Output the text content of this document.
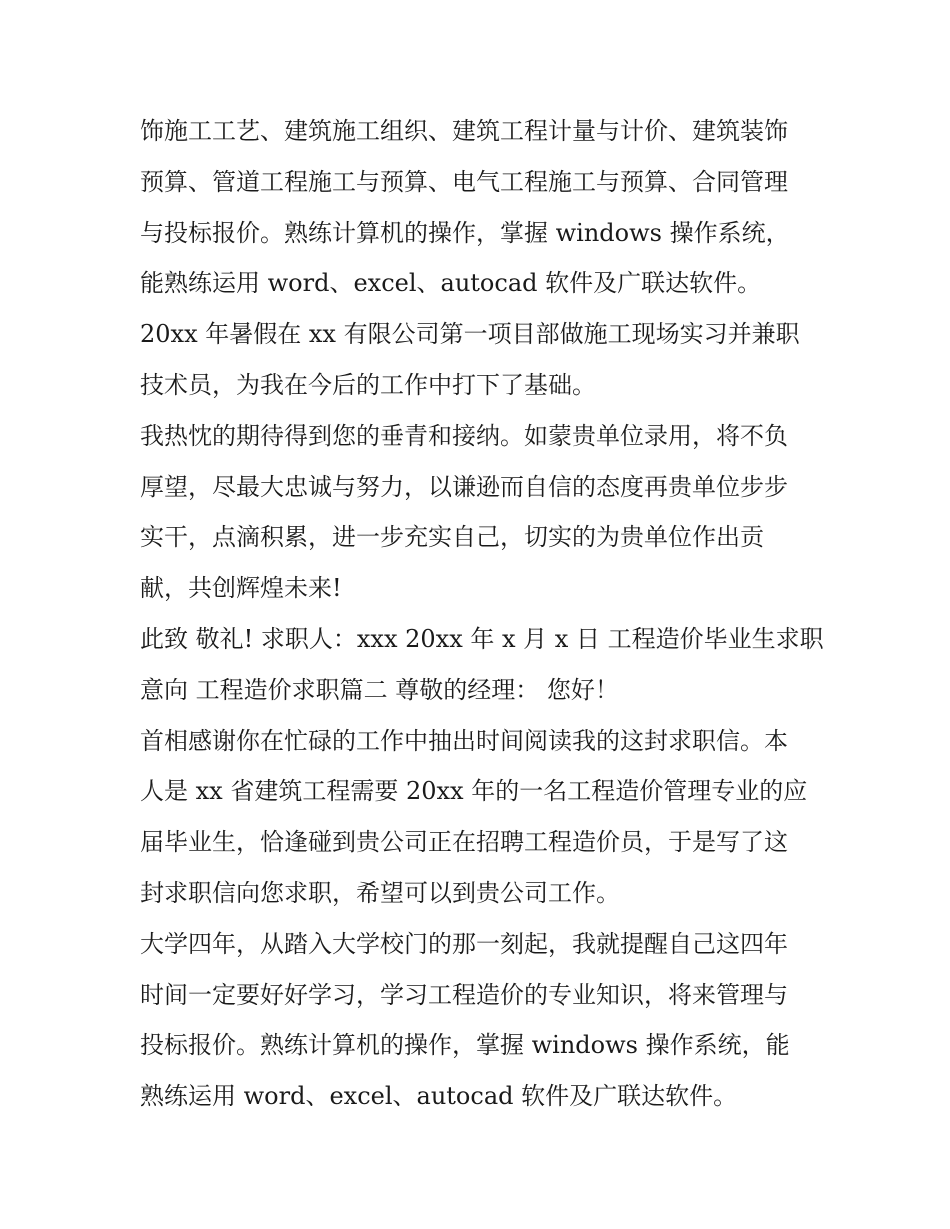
饰施工工艺、建筑施工组织、建筑工程计量与计价、建筑装饰
预算、管道工程施工与预算、电气工程施工与预算、合同管理
与投标报价。熟练计算机的操作，掌握 windows 操作系统，
能熟练运用 word、excel、autocad 软件及广联达软件。
20xx 年暑假在 xx 有限公司第一项目部做施工现场实习并兼职
技术员，为我在今后的工作中打下了基础。
我热忱的期待得到您的垂青和接纳。如蒙贵单位录用，将不负
厚望，尽最大忠诚与努力，以谦逊而自信的态度再贵单位步步
实干，点滴积累，进一步充实自己，切实的为贵单位作出贡
献，共创辉煌未来!
此致 敬礼! 求职人：xxx 20xx 年 x 月 x 日 工程造价毕业生求职
意向 工程造价求职篇二 尊敬的经理： 您好！
首相感谢你在忙碌的工作中抽出时间阅读我的这封求职信。本
人是 xx 省建筑工程需要 20xx 年的一名工程造价管理专业的应
届毕业生，恰逢碰到贵公司正在招聘工程造价员，于是写了这
封求职信向您求职，希望可以到贵公司工作。
大学四年，从踏入大学校门的那一刻起，我就提醒自己这四年
时间一定要好好学习，学习工程造价的专业知识，将来管理与
投标报价。熟练计算机的操作，掌握 windows 操作系统，能
熟练运用 word、excel、autocad 软件及广联达软件。
